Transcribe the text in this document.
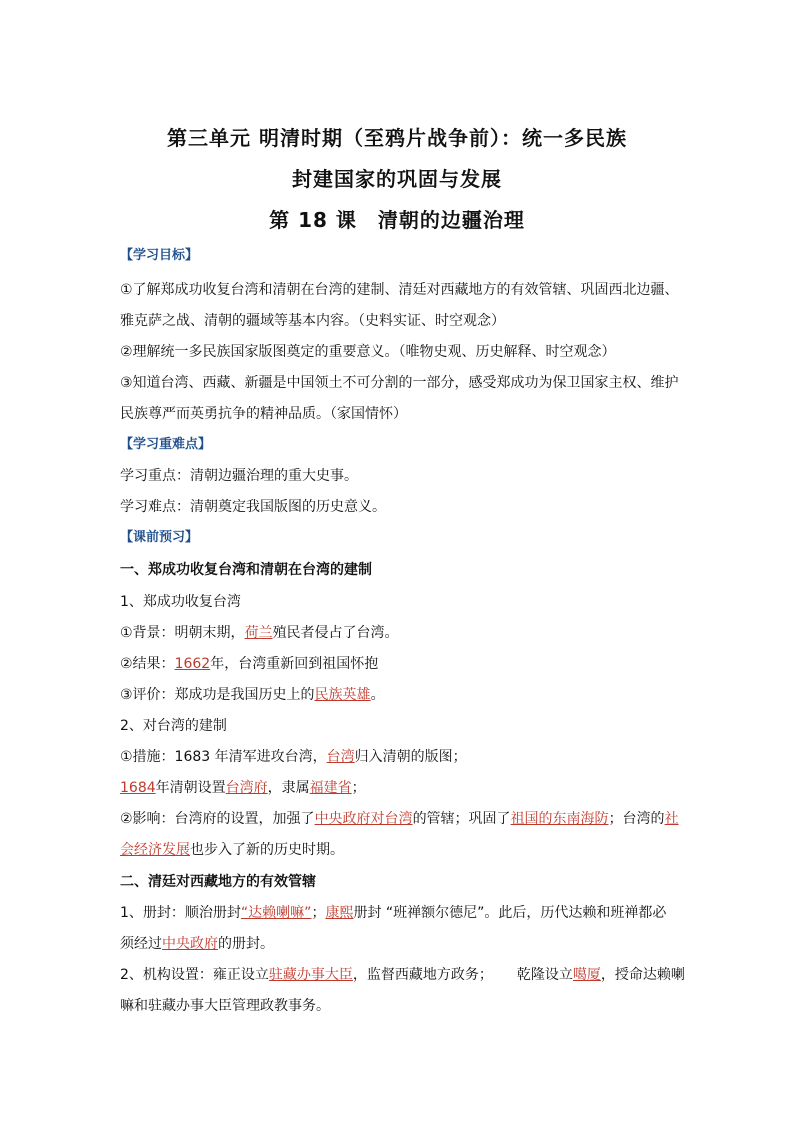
第三单元 明清时期（至鸦片战争前）：统一多民族
封建国家的巩固与发展
第 18 课　清朝的边疆治理
【学习目标】
①了解郑成功收复台湾和清朝在台湾的建制、清廷对西藏地方的有效管辖、巩固西北边疆、
雅克萨之战、清朝的疆域等基本内容。（史料实证、时空观念）
②理解统一多民族国家版图奠定的重要意义。（唯物史观、历史解释、时空观念）
③知道台湾、西藏、新疆是中国领土不可分割的一部分，感受郑成功为保卫国家主权、维护
民族尊严而英勇抗争的精神品质。（家国情怀）
【学习重难点】
学习重点：清朝边疆治理的重大史事。
学习难点：清朝奠定我国版图的历史意义。
【课前预习】
一、郑成功收复台湾和清朝在台湾的建制
1、郑成功收复台湾
①背景：明朝末期，荷兰殖民者侵占了台湾。
②结果：1662年，台湾重新回到祖国怀抱
③评价：郑成功是我国历史上的民族英雄。
2、对台湾的建制
①措施：1683 年清军进攻台湾，台湾归入清朝的版图；
1684年清朝设置台湾府，隶属福建省；
②影响：台湾府的设置，加强了中央政府对台湾的管辖；巩固了祖国的东南海防；台湾的社
会经济发展也步入了新的历史时期。
二、清廷对西藏地方的有效管辖
1、册封：顺治册封“达赖喇嘛”；康熙册封 “班禅额尔德尼”。此后，历代达赖和班禅都必
须经过中央政府的册封。
2、机构设置：雍正设立驻藏办事大臣，监督西藏地方政务； 乾隆设立噶厦，授命达赖喇
嘛和驻藏办事大臣管理政教事务。
